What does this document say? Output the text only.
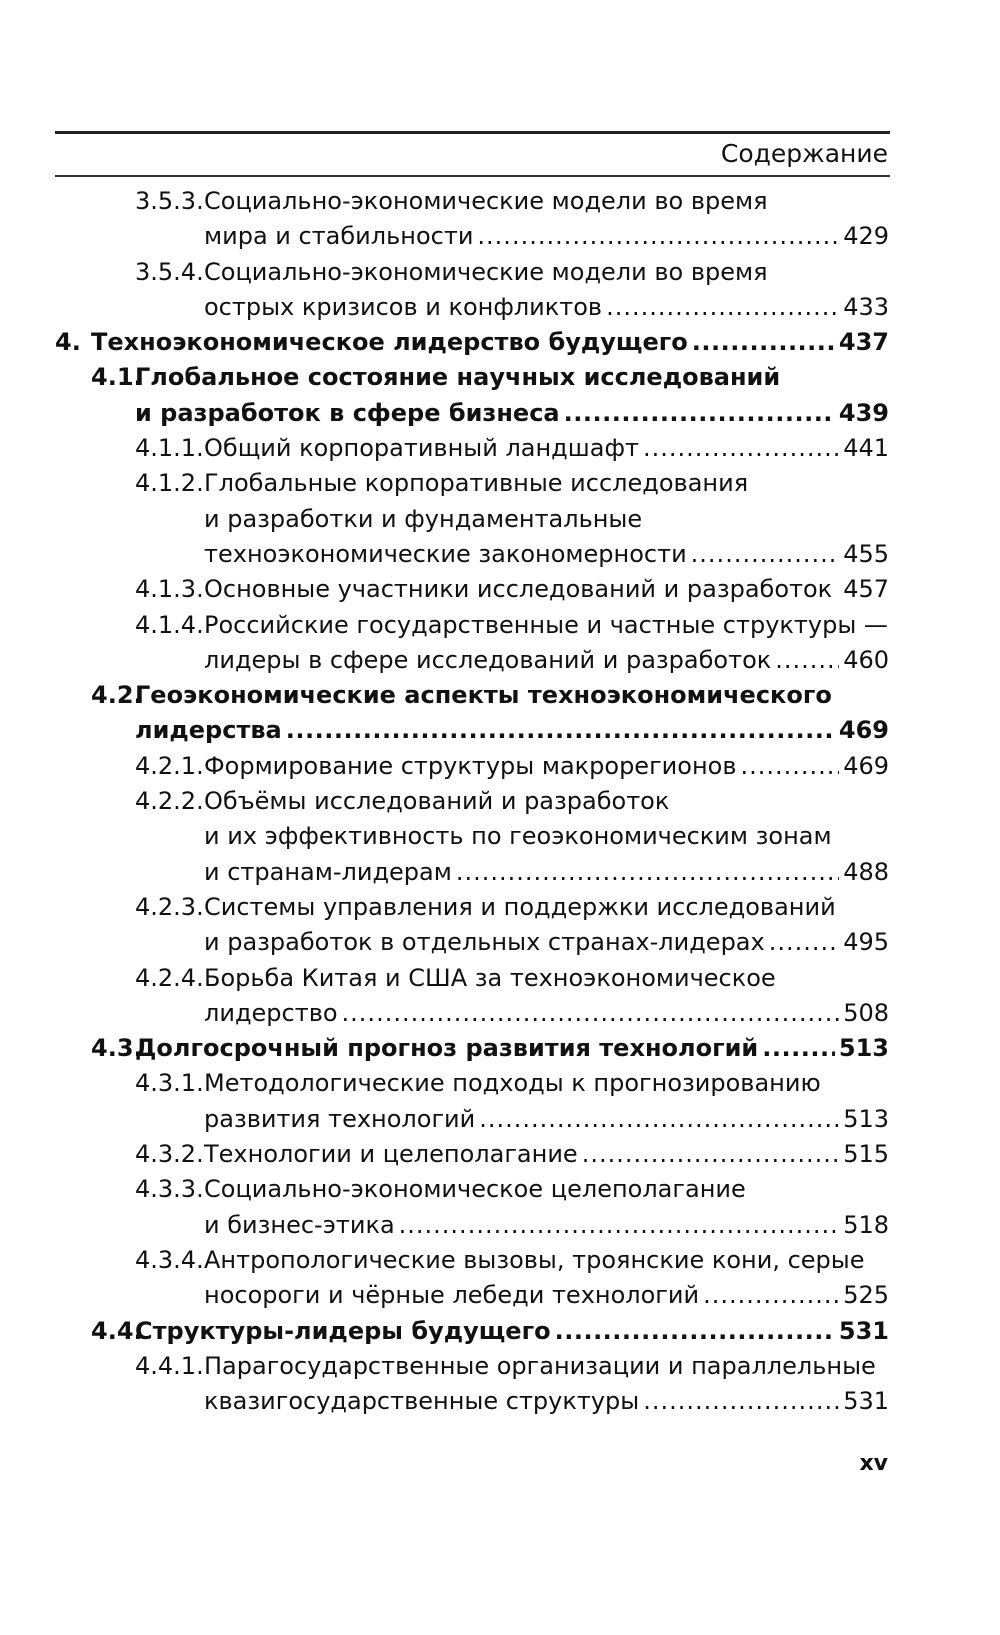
Содержание
3.5.3. Социально-экономические модели во время
мира и стабильности .....	429
3.5.4. Социально-экономические модели во время
острых кризисов и конфликтов .....	433
4. Техноэкономическое лидерство будущего .....	437
4.1.
Глобальное состояние научных исследований
и разработок в сфере бизнеса .....	439
4.1.1. Общий корпоративный ландшафт .....	441
4.1.2. Глобальные корпоративные исследования
и разработки и фундаментальные
техноэкономические закономерности .....	455
4.1.3. Основные участники исследований и разработок 457
4.1.4. Российские государственные и частные структуры —
лидеры в сфере исследований и разработок .....	460
4.2.
Геоэкономические аспекты техноэкономического
лидерства .....	469
4.2.1. Формирование структуры макрорегионов .....	469
4.2.2. Объёмы исследований и разработок
и их эффективность по геоэкономическим зонам
и странам-лидерам .....	488
4.2.3. Системы управления и поддержки исследований
и разработок в отдельных странах-лидерах .....	495
4.2.4. Борьба Китая и США за техноэкономическое
лидерство .....	508
4.3.
Долгосрочный прогноз развития технологий .....	513
4.3.1. Методологические подходы к прогнозированию
развития технологий .....	513
4.3.2. Технологии и целеполагание .....	515
4.3.3. Социально-экономическое целеполагание
и бизнес-этика .....	518
4.3.4. Антропологические вызовы, троянские кони, серые
носороги и чёрные лебеди технологий .....	525
4.4.
Структуры-лидеры будущего .....	531
4.4.1. Парагосударственные организации и параллельные
квазигосударственные структуры .....	531
xv
